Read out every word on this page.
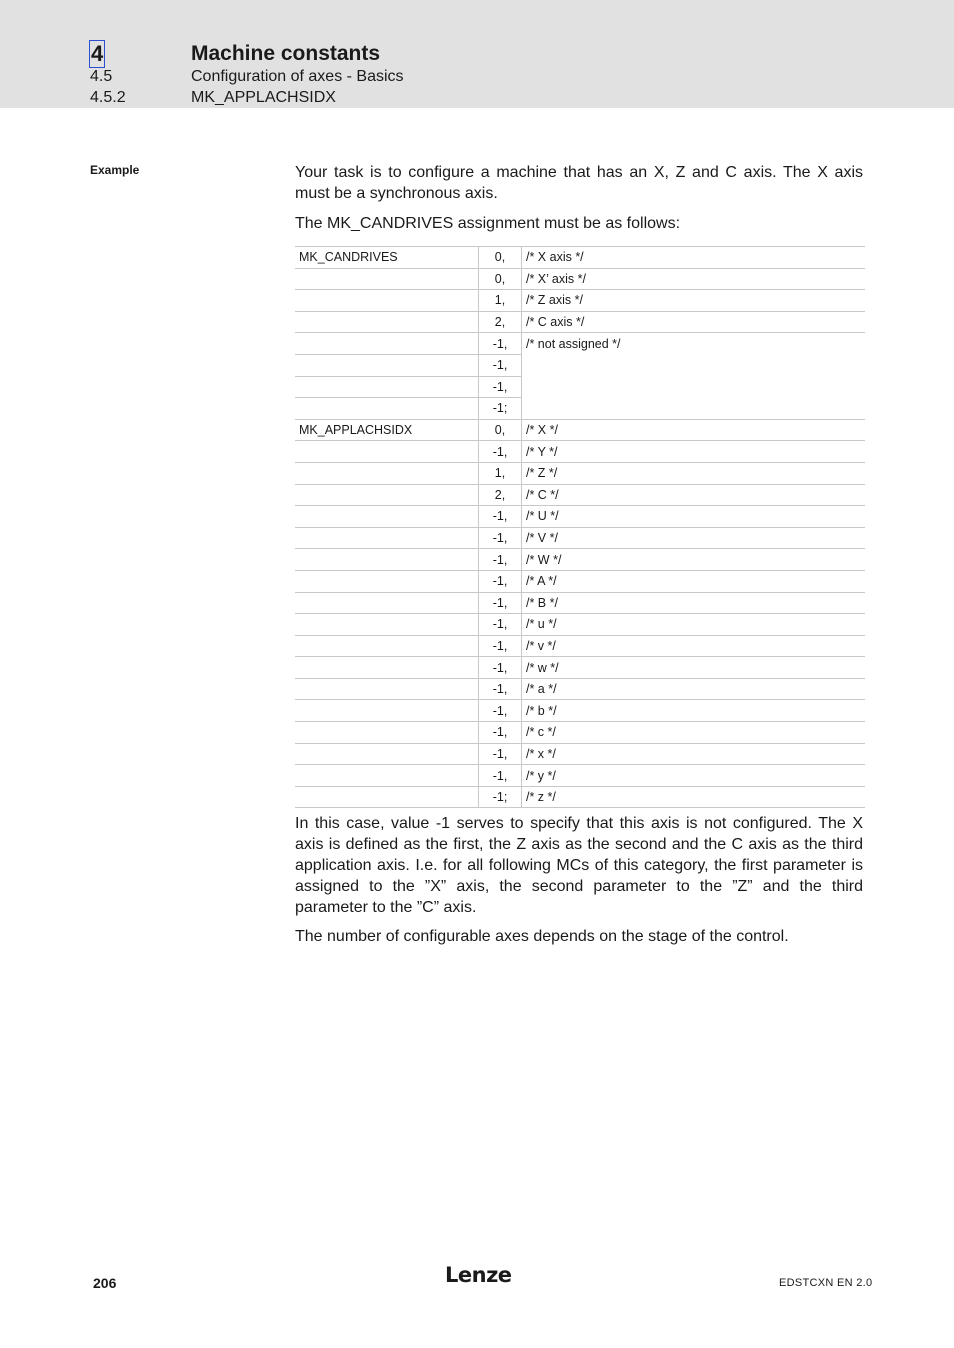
4	Machine constants
4.5	Configuration of axes - Basics
4.5.2	MK_APPLACHSIDX
Example	Your task is to configure a machine that has an X, Z and C axis. The X axis must be a synchronous axis.

The MK_CANDRIVES assignment must be as follows:

MK_CANDRIVES	0,	/* X axis */
	0,	/* X’ axis */
	1,	/* Z axis */
	2,	/* C axis */
	-1,	/* not assigned */
	-1,	
	-1,	
	-1;	
MK_APPLACHSIDX	0,	/* X */
	-1,	/* Y */
	1,	/* Z */
	2,	/* C */
	-1,	/* U */
	-1,	/* V */
	-1,	/* W */
	-1,	/* A */
	-1,	/* B */
	-1,	/* u */
	-1,	/* v */
	-1,	/* w */
	-1,	/* a */
	-1,	/* b */
	-1,	/* c */
	-1,	/* x */
	-1,	/* y */
	-1;	/* z */

In this case, value -1 serves to specify that this axis is not configured. The X axis is defined as the first, the Z axis as the second and the C axis as the third application axis. I.e. for all following MCs of this category, the first parameter is assigned to the ”X” axis, the second parameter to the ”Z” and the third parameter to the ”C” axis.

The number of configurable axes depends on the stage of the control.

206	Lenze	EDSTCXN EN 2.0
